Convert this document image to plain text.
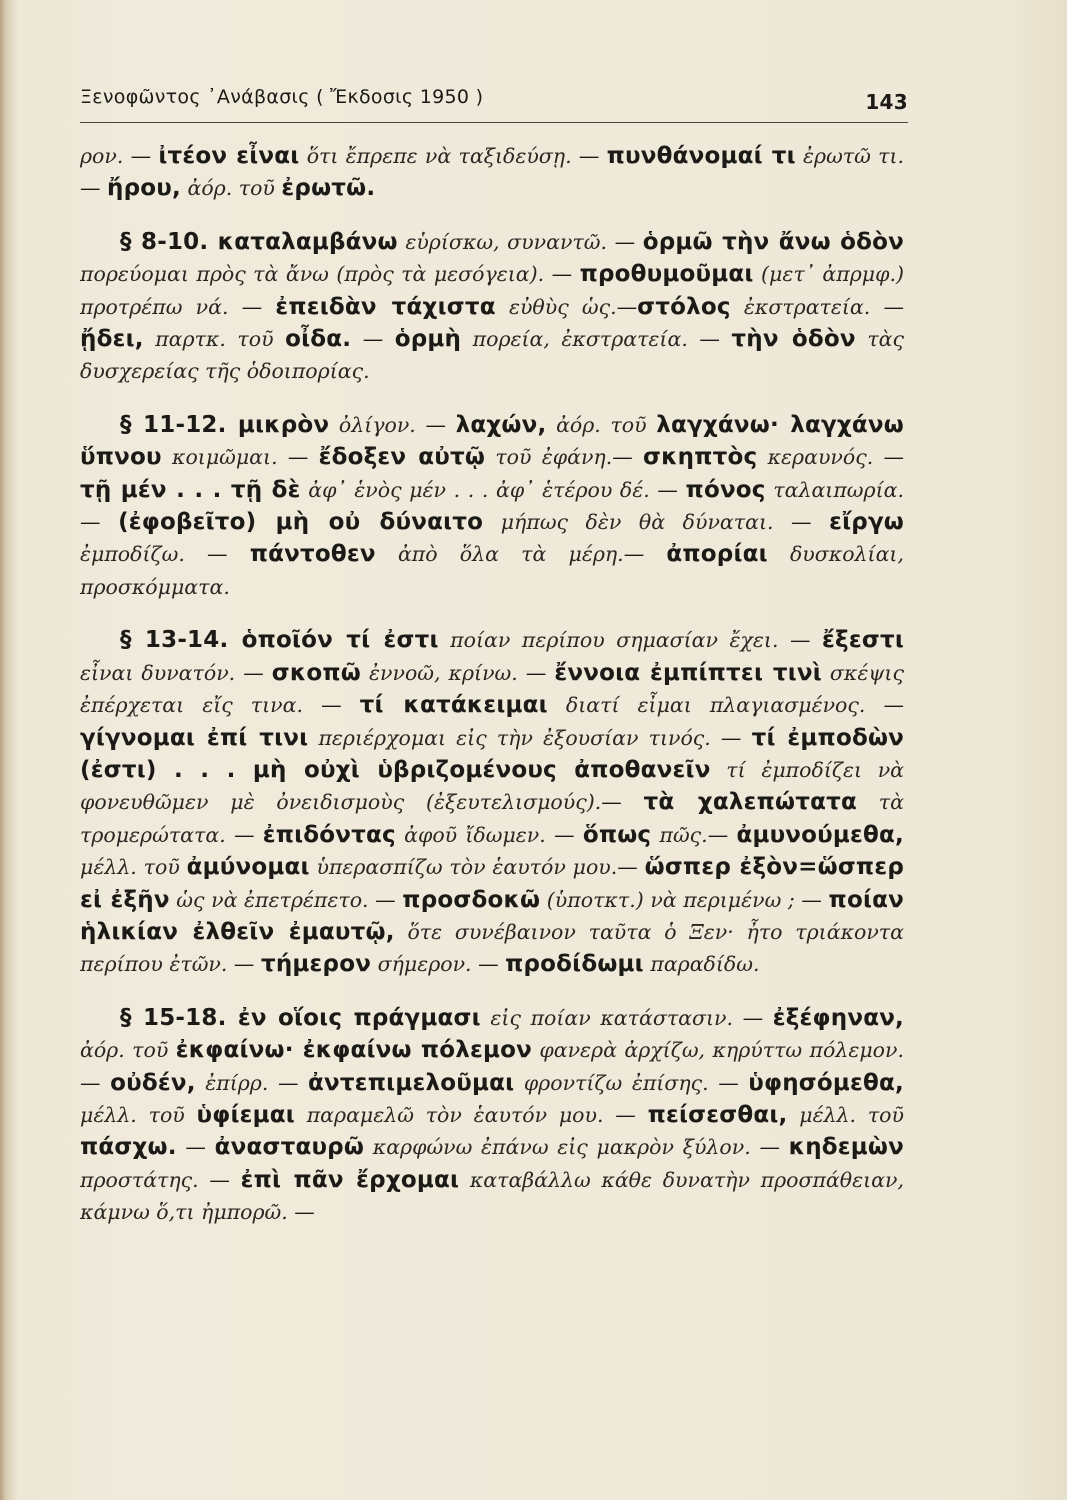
Ξενοφῶντος ᾽Ανάβασις ( Ἔκδοσις 1950 )	143

ρον. — ἰτέον εἶναι ὅτι ἔπρεπε νὰ ταξιδεύσῃ. — πυνθάνομαί τι ἐρωτῶ τι. — ἤρου, ἀόρ. τοῦ ἐρωτῶ.

§ 8-10. καταλαμβάνω εὑρίσκω, συναντῶ. — ὁρμῶ τὴν ἄνω ὁδὸν πορεύομαι πρὸς τὰ ἄνω (πρὸς τὰ μεσόγεια). — προθυμοῦμαι (μετ᾽ ἀπρμφ.) προτρέπω νά. — ἐπειδὰν τάχιστα εὐθὺς ὡς.—στόλος ἐκστρατεία. — ᾔδει, παρτκ. τοῦ οἶδα. — ὁρμὴ πορεία, ἐκστρατεία. — τὴν ὁδὸν τὰς δυσχερείας τῆς ὁδοιπορίας.

§ 11-12. μικρὸν ὀλίγον. — λαχών, ἀόρ. τοῦ λαγχάνω· λαγχάνω ὕπνου κοιμῶμαι. — ἔδοξεν αὐτῷ τοῦ ἐφάνη.— σκηπτὸς κεραυνός. — τῇ μέν . . . τῇ δὲ ἀφ᾽ ἑνὸς μέν . . . ἀφ᾽ ἑτέρου δέ. — πόνος ταλαιπωρία. — (ἐφοβεῖτο) μὴ οὐ δύναιτο μήπως δὲν θὰ δύναται. — εἴργω ἐμποδίζω. — πάντοθεν ἀπὸ ὅλα τὰ μέρη.— ἀπορίαι δυσκολίαι, προσκόμματα.

§ 13-14. ὁποῖόν τί ἐστι ποίαν περίπου σημασίαν ἔχει. — ἔξεστι εἶναι δυνατόν. — σκοπῶ ἐννοῶ, κρίνω. — ἔννοια ἐμπίπτει τινὶ σκέψις ἐπέρχεται εἴς τινα. — τί κατάκειμαι διατί εἶμαι πλαγιασμένος. — γίγνομαι ἐπί τινι περιέρχομαι εἰς τὴν ἐξουσίαν τινός. — τί ἐμποδὼν (ἐστι) . . . μὴ οὐχὶ ὑβριζομένους ἀποθανεῖν τί ἐμποδίζει νὰ φονευθῶμεν μὲ ὀνειδισμοὺς (ἐξευτελισμούς).— τὰ χαλεπώτατα τὰ τρομερώτατα. — ἐπιδόντας ἀφοῦ ἴδωμεν. — ὅπως πῶς.— ἀμυνούμεθα, μέλλ. τοῦ ἀμύνομαι ὑπερασπίζω τὸν ἑαυτόν μου.— ὥσπερ ἐξὸν=ὥσπερ εἰ ἐξῆν ὡς νὰ ἐπετρέπετο. — προσδοκῶ (ὑποτκτ.) νὰ περιμένω ; — ποίαν ἡλικίαν ἐλθεῖν ἐμαυτῷ, ὅτε συνέβαινον ταῦτα ὁ Ξεν· ἦτο τριάκοντα περίπου ἐτῶν. — τήμερον σήμερον. — προδίδωμι παραδίδω.

§ 15-18. ἐν οἵοις πράγμασι εἰς ποίαν κατάστασιν. — ἐξέφηναν, ἀόρ. τοῦ ἐκφαίνω· ἐκφαίνω πόλεμον φανερὰ ἀρχίζω, κηρύττω πόλεμον. — οὐδέν, ἐπίρρ. — ἀντεπιμελοῦμαι φροντίζω ἐπίσης. — ὑφησόμεθα, μέλλ. τοῦ ὑφίεμαι παραμελῶ τὸν ἑαυτόν μου. — πείσεσθαι, μέλλ. τοῦ πάσχω. — ἀνασταυρῶ καρφώνω ἐπάνω εἰς μακρὸν ξύλον. — κηδεμὼν προστάτης. — ἐπὶ πᾶν ἔρχομαι καταβάλλω κάθε δυνατὴν προσπάθειαν, κάμνω ὅ,τι ἠμπορῶ. —
